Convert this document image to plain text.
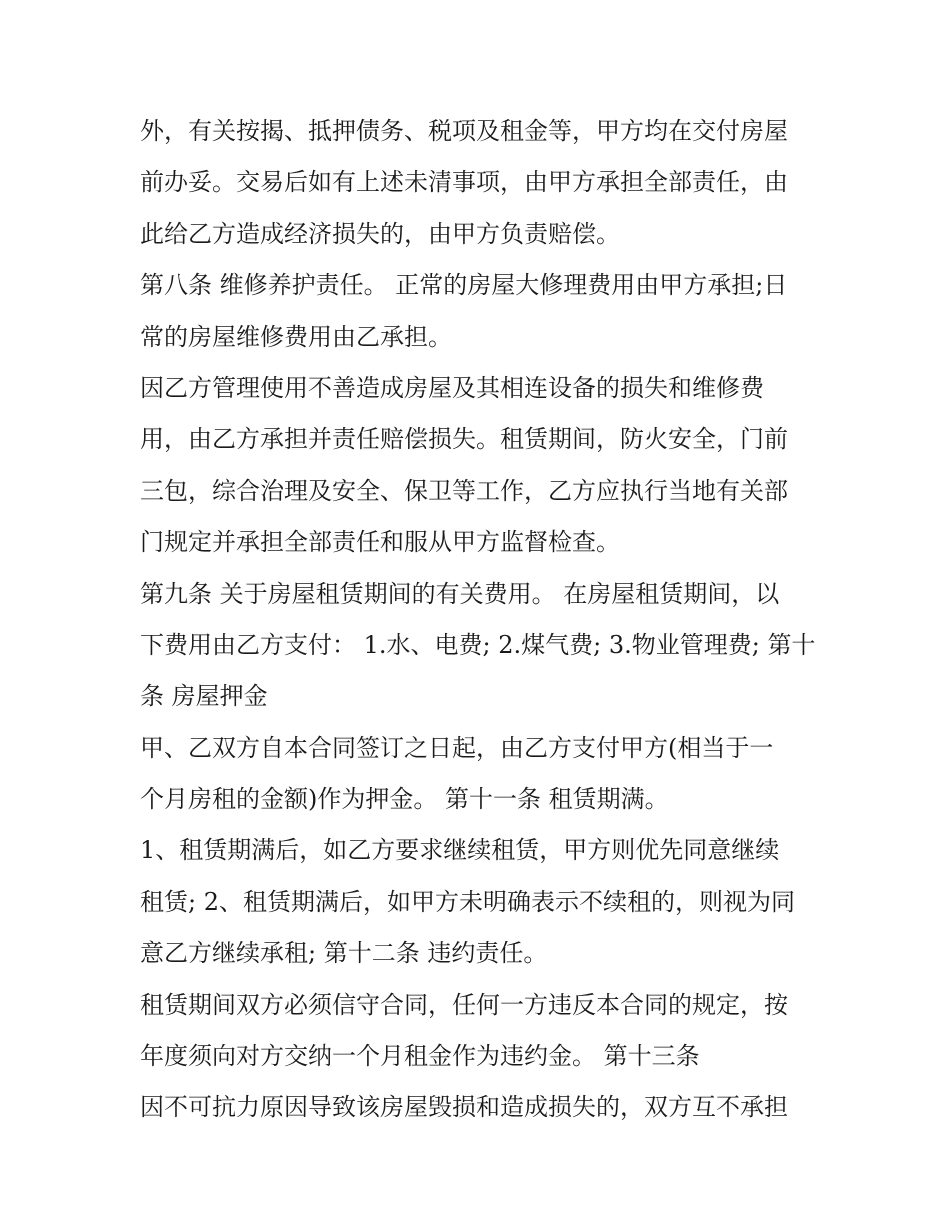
外，有关按揭、抵押债务、税项及租金等，甲方均在交付房屋
前办妥。交易后如有上述未清事项，由甲方承担全部责任，由
此给乙方造成经济损失的，由甲方负责赔偿。
第八条 维修养护责任。 正常的房屋大修理费用由甲方承担;日
常的房屋维修费用由乙承担。
因乙方管理使用不善造成房屋及其相连设备的损失和维修费
用，由乙方承担并责任赔偿损失。租赁期间，防火安全，门前
三包，综合治理及安全、保卫等工作，乙方应执行当地有关部
门规定并承担全部责任和服从甲方监督检查。
第九条 关于房屋租赁期间的有关费用。 在房屋租赁期间，以
下费用由乙方支付： 1.水、电费; 2.煤气费; 3.物业管理费; 第十
条 房屋押金
甲、乙双方自本合同签订之日起，由乙方支付甲方(相当于一
个月房租的金额)作为押金。 第十一条 租赁期满。
1、租赁期满后，如乙方要求继续租赁，甲方则优先同意继续
租赁; 2、租赁期满后，如甲方未明确表示不续租的，则视为同
意乙方继续承租; 第十二条 违约责任。
租赁期间双方必须信守合同，任何一方违反本合同的规定，按
年度须向对方交纳一个月租金作为违约金。 第十三条
因不可抗力原因导致该房屋毁损和造成损失的，双方互不承担
